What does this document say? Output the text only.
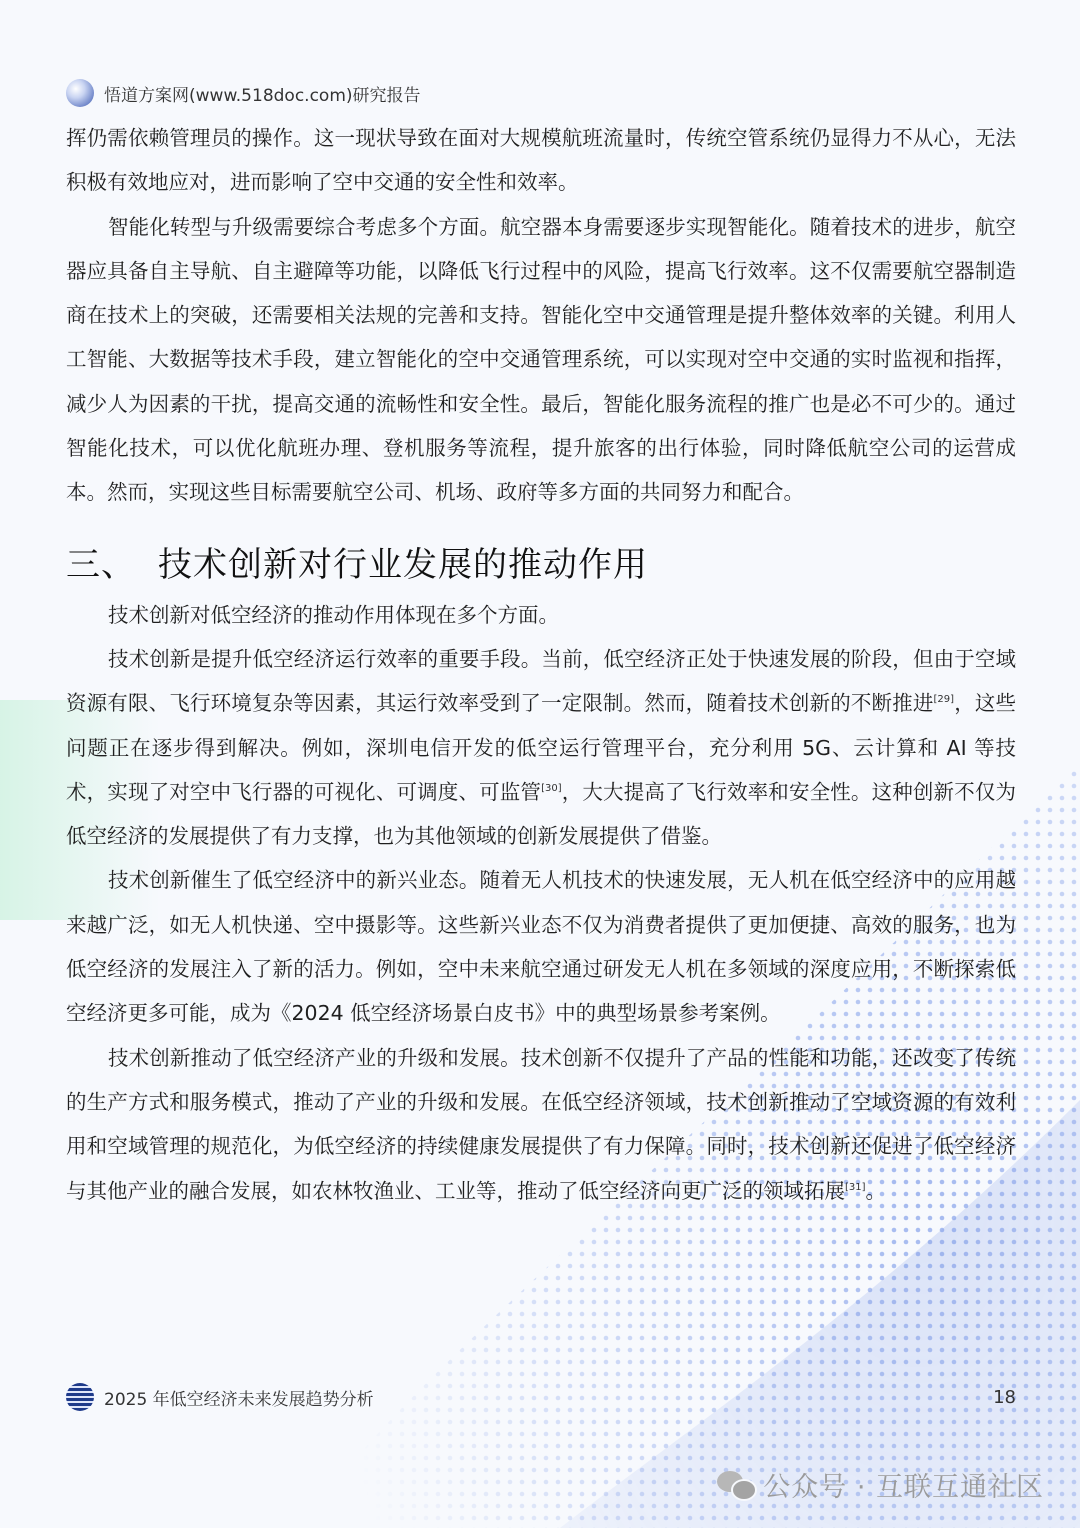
悟道方案网(www.518doc.com)研究报告

挥仍需依赖管理员的操作。这一现状导致在面对大规模航班流量时，传统空管系统仍显得力不从心，无法积极有效地应对，进而影响了空中交通的安全性和效率。

智能化转型与升级需要综合考虑多个方面。航空器本身需要逐步实现智能化。随着技术的进步，航空器应具备自主导航、自主避障等功能，以降低飞行过程中的风险，提高飞行效率。这不仅需要航空器制造商在技术上的突破，还需要相关法规的完善和支持。智能化空中交通管理是提升整体效率的关键。利用人工智能、大数据等技术手段，建立智能化的空中交通管理系统，可以实现对空中交通的实时监视和指挥，减少人为因素的干扰，提高交通的流畅性和安全性。最后，智能化服务流程的推广也是必不可少的。通过智能化技术，可以优化航班办理、登机服务等流程，提升旅客的出行体验，同时降低航空公司的运营成本。然而，实现这些目标需要航空公司、机场、政府等多方面的共同努力和配合。

三、 技术创新对行业发展的推动作用

技术创新对低空经济的推动作用体现在多个方面。

技术创新是提升低空经济运行效率的重要手段。当前，低空经济正处于快速发展的阶段，但由于空域资源有限、飞行环境复杂等因素，其运行效率受到了一定限制。然而，随着技术创新的不断推进[29]，这些问题正在逐步得到解决。例如，深圳电信开发的低空运行管理平台，充分利用 5G、云计算和 AI 等技术，实现了对空中飞行器的可视化、可调度、可监管[30]，大大提高了飞行效率和安全性。这种创新不仅为低空经济的发展提供了有力支撑，也为其他领域的创新发展提供了借鉴。

技术创新催生了低空经济中的新兴业态。随着无人机技术的快速发展，无人机在低空经济中的应用越来越广泛，如无人机快递、空中摄影等。这些新兴业态不仅为消费者提供了更加便捷、高效的服务，也为低空经济的发展注入了新的活力。例如，空中未来航空通过研发无人机在多领域的深度应用，不断探索低空经济更多可能，成为《2024 低空经济场景白皮书》中的典型场景参考案例。

技术创新推动了低空经济产业的升级和发展。技术创新不仅提升了产品的性能和功能，还改变了传统的生产方式和服务模式，推动了产业的升级和发展。在低空经济领域，技术创新推动了空域资源的有效利用和空域管理的规范化，为低空经济的持续健康发展提供了有力保障。同时，技术创新还促进了低空经济与其他产业的融合发展，如农林牧渔业、工业等，推动了低空经济向更广泛的领域拓展[31]。

2025 年低空经济未来发展趋势分析	18
公众号 · 互联互通社区
